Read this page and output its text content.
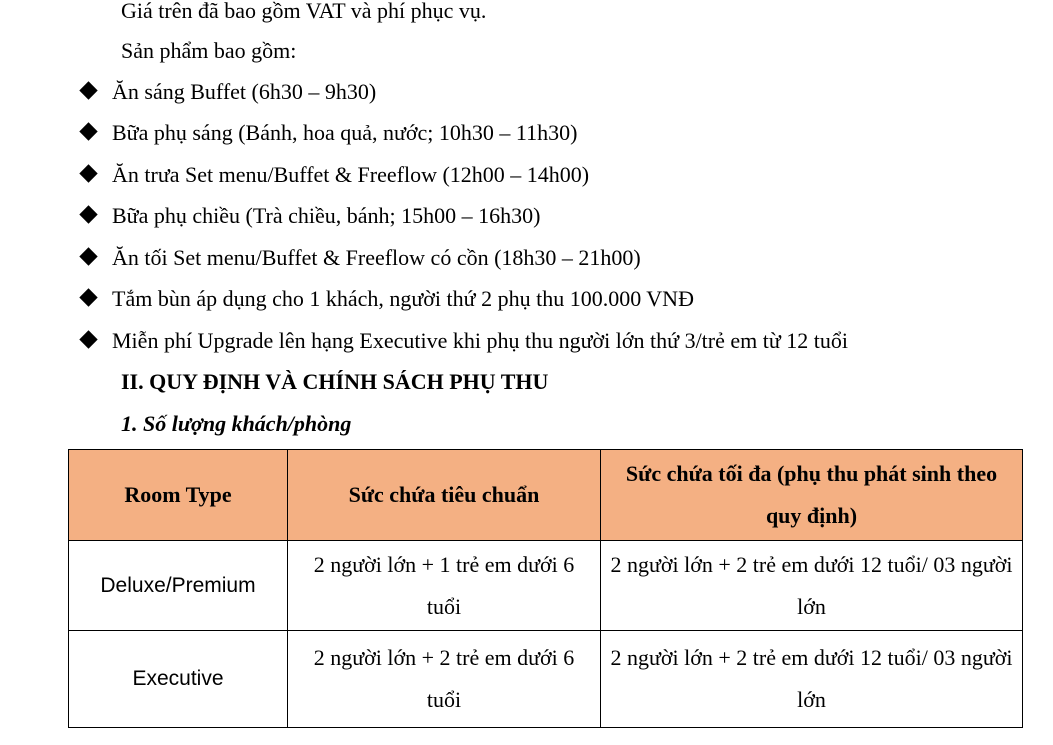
Giá trên đã bao gồm VAT và phí phục vụ.
Sản phẩm bao gồm:
Ăn sáng Buffet (6h30 – 9h30)
Bữa phụ sáng (Bánh, hoa quả, nước; 10h30 – 11h30)
Ăn trưa Set menu/Buffet & Freeflow (12h00 – 14h00)
Bữa phụ chiều (Trà chiều, bánh; 15h00 – 16h30)
Ăn tối Set menu/Buffet & Freeflow có cồn (18h30 – 21h00)
Tắm bùn áp dụng cho 1 khách, người thứ 2 phụ thu 100.000 VNĐ
Miễn phí Upgrade lên hạng Executive khi phụ thu người lớn thứ 3/trẻ em từ 12 tuổi
II. QUY ĐỊNH VÀ CHÍNH SÁCH PHỤ THU
1. Số lượng khách/phòng
Room Type	Sức chứa tiêu chuẩn	Sức chứa tối đa (phụ thu phát sinh theo quy định)
Deluxe/Premium	2 người lớn + 1 trẻ em dưới 6 tuổi	2 người lớn + 2 trẻ em dưới 12 tuổi/ 03 người lớn
Executive	2 người lớn + 2 trẻ em dưới 6 tuổi	2 người lớn + 2 trẻ em dưới 12 tuổi/ 03 người lớn
